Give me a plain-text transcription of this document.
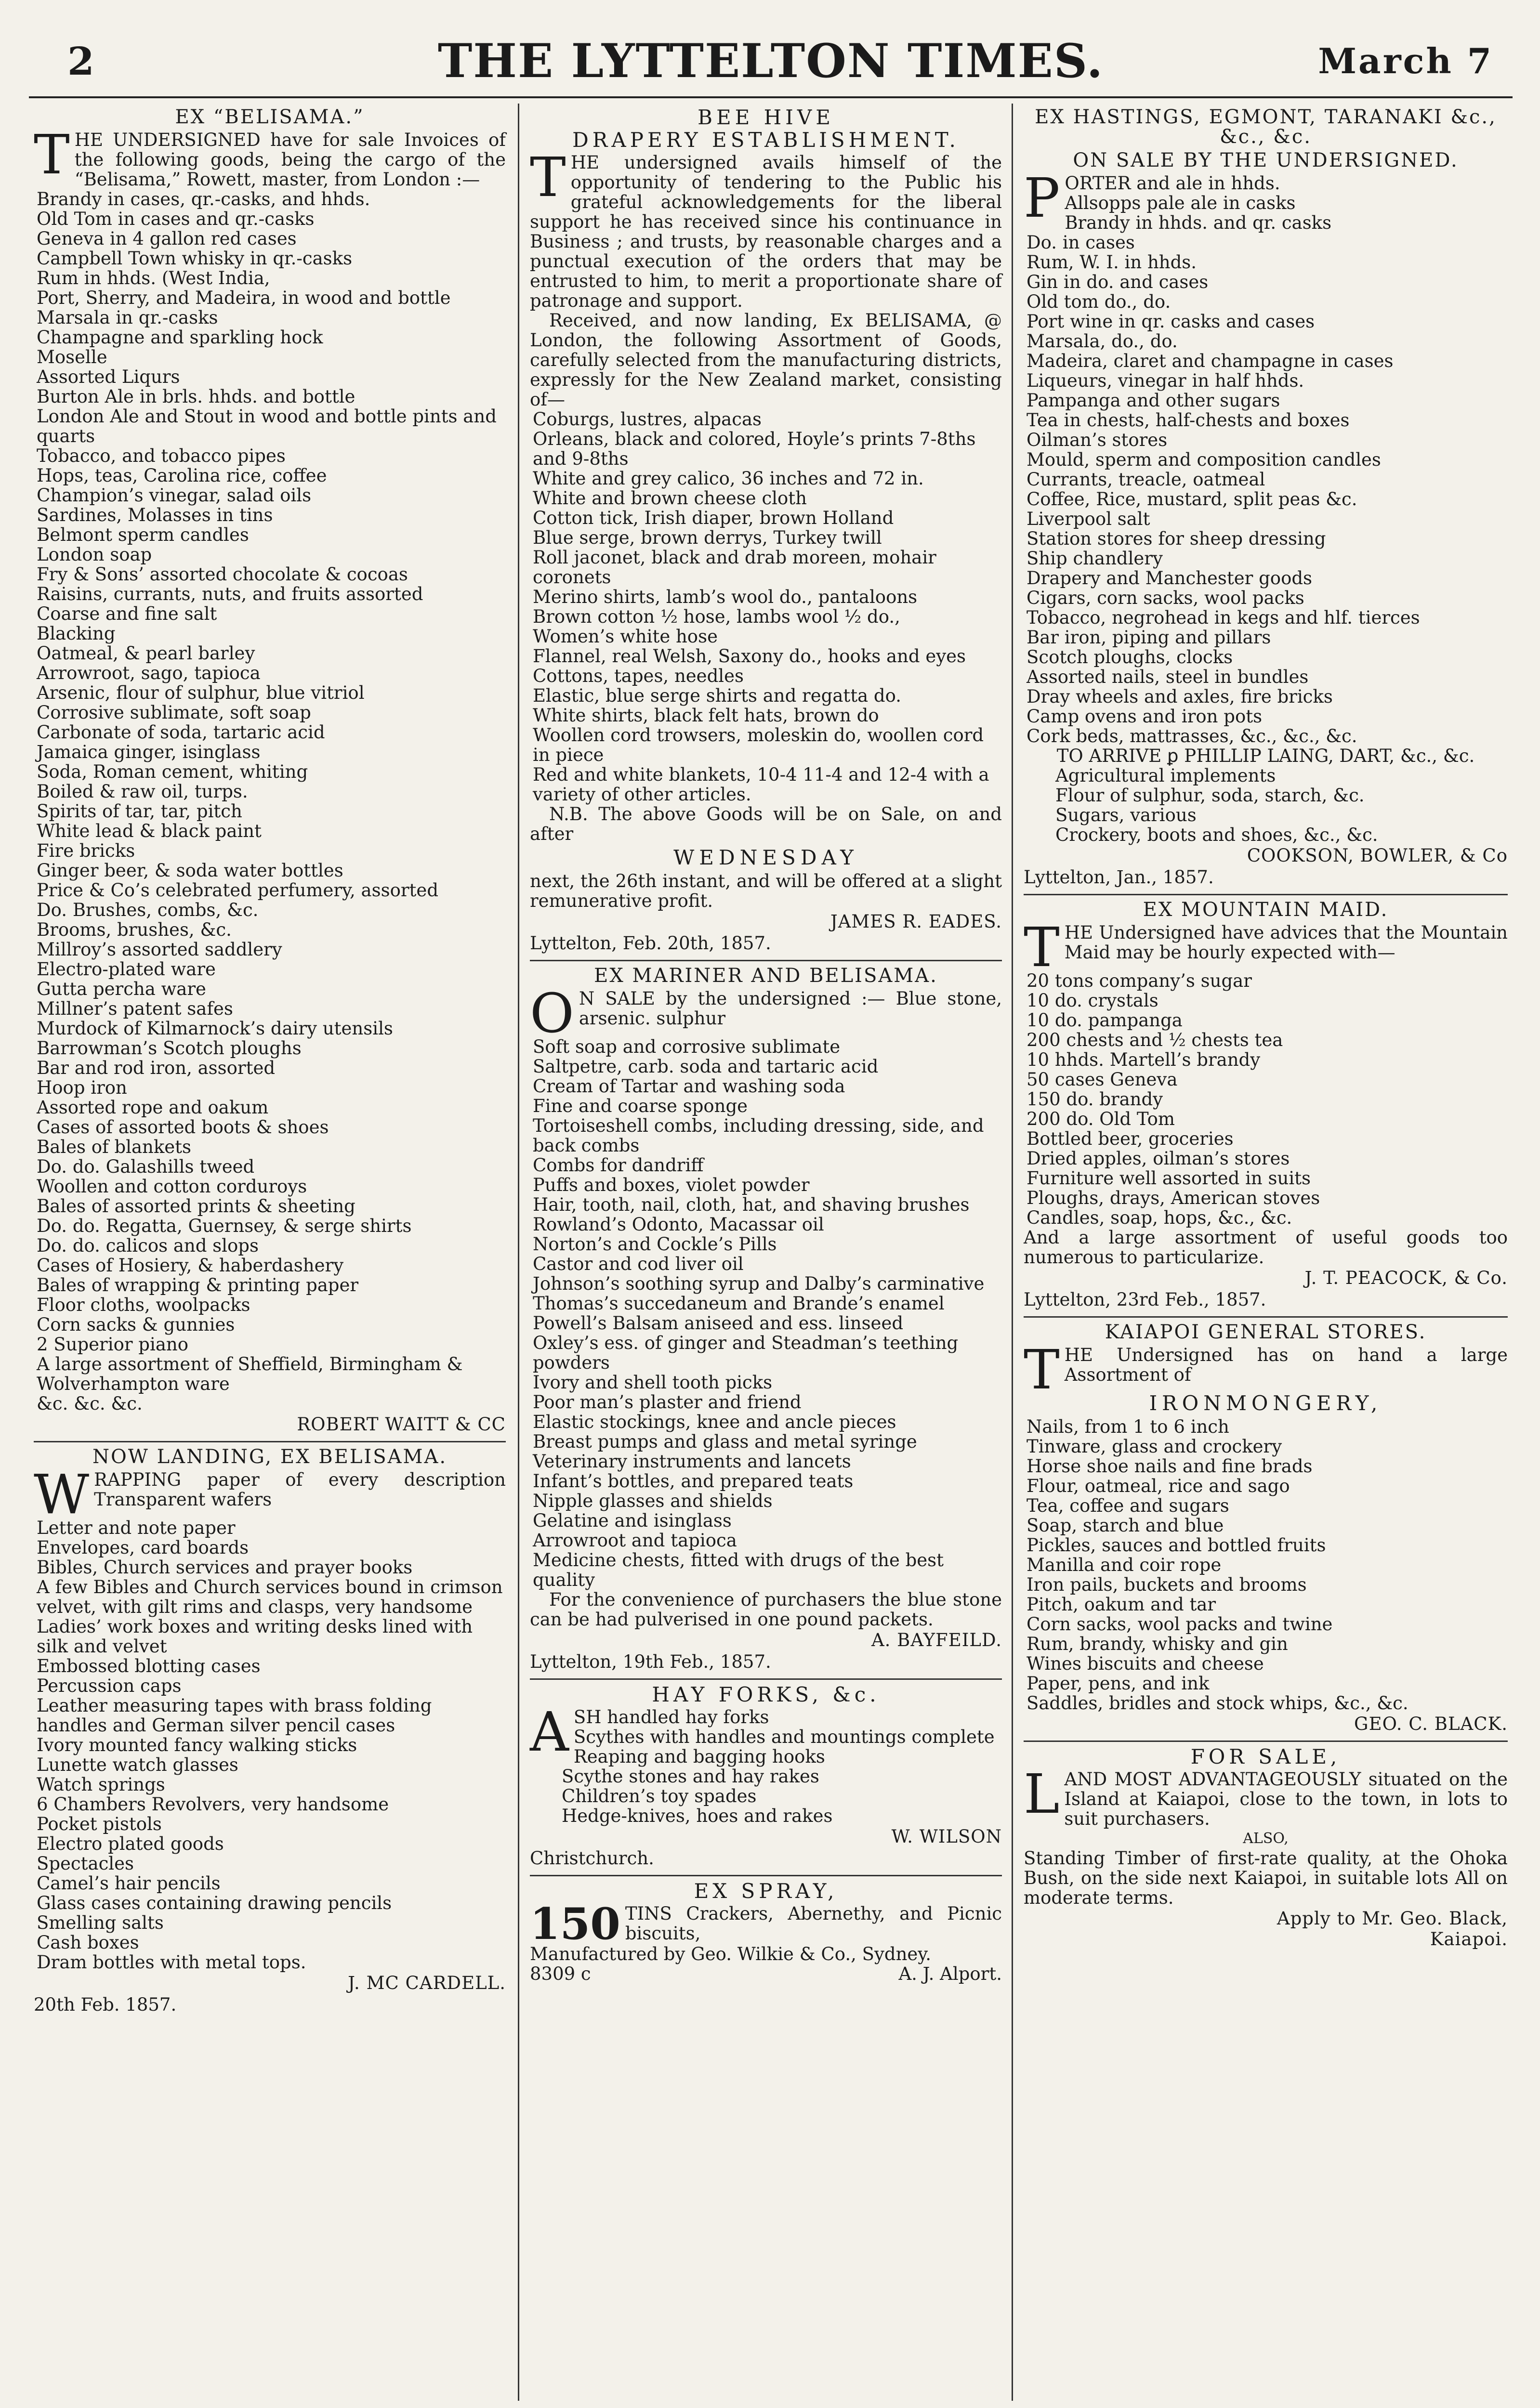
2	THE LYTTELTON TIMES.	March 7
EX “BELISAMA.”

THE UNDERSIGNED have for sale Invoices of the following goods, being the cargo of the “Belisama,” Rowett, master, from London :—

Brandy in cases, qr.-casks, and hhds.
Old Tom in cases and qr.-casks
Geneva in 4 gallon red cases
Campbell Town whisky in qr.-casks
Rum in hhds. (West India,
Port, Sherry, and Madeira, in wood and bottle
Marsala in qr.-casks
Champagne and sparkling hock
Moselle
Assorted Liqurs
Burton Ale in brls. hhds. and bottle
London Ale and Stout in wood and bottle pints and quarts
Tobacco, and tobacco pipes
Hops, teas, Carolina rice, coffee
Champion’s vinegar, salad oils
Sardines, Molasses in tins
Belmont sperm candles
London soap
Fry & Sons’ assorted chocolate & cocoas
Raisins, currants, nuts, and fruits assorted
Coarse and fine salt
Blacking
Oatmeal, & pearl barley
Arrowroot, sago, tapioca
Arsenic, flour of sulphur, blue vitriol
Corrosive sublimate, soft soap
Carbonate of soda, tartaric acid
Jamaica ginger, isinglass
Soda, Roman cement, whiting
Boiled & raw oil, turps.
Spirits of tar, tar, pitch
White lead & black paint
Fire bricks
Ginger beer, & soda water bottles
Price & Co’s celebrated perfumery, assorted
Do. Brushes, combs, &c.
Brooms, brushes, &c.
Millroy’s assorted saddlery
Electro-plated ware
Gutta percha ware
Millner’s patent safes
Murdock of Kilmarnock’s dairy utensils
Barrowman’s Scotch ploughs
Bar and rod iron, assorted
Hoop iron
Assorted rope and oakum
Cases of assorted boots & shoes
Bales of blankets
Do. do. Galashills tweed
Woollen and cotton corduroys
Bales of assorted prints & sheeting
Do. do. Regatta, Guernsey, & serge shirts
Do. do. calicos and slops
Cases of Hosiery, & haberdashery
Bales of wrapping & printing paper
Floor cloths, woolpacks
Corn sacks & gunnies
2 Superior piano
A large assortment of Sheffield, Birmingham & Wolverhampton ware
&c. &c. &c.
ROBERT WAITT & CC
NOW LANDING, EX BELISAMA.

WRAPPING paper of every description Transparent wafers

Letter and note paper
Envelopes, card boards
Bibles, Church services and prayer books
A few Bibles and Church services bound in crimson velvet, with gilt rims and clasps, very handsome
Ladies’ work boxes and writing desks lined with silk and velvet
Embossed blotting cases
Percussion caps
Leather measuring tapes with brass folding handles and German silver pencil cases
Ivory mounted fancy walking sticks
Lunette watch glasses
Watch springs
6 Chambers Revolvers, very handsome
Pocket pistols
Electro plated goods
Spectacles
Camel’s hair pencils
Glass cases containing drawing pencils
Smelling salts
Cash boxes
Dram bottles with metal tops.
J. MC CARDELL.
20th Feb. 1857.
BEE HIVE
DRAPERY ESTABLISHMENT.

THE undersigned avails himself of the opportunity of tendering to the Public his grateful acknowledgements for the liberal support he has received since his continuance in Business ; and trusts, by reasonable charges and a punctual execution of the orders that may be entrusted to him, to merit a proportionate share of patronage and support.

Received, and now landing, Ex BELISAMA, @ London, the following Assortment of Goods, carefully selected from the manufacturing districts, expressly for the New Zealand market, consisting of—

Coburgs, lustres, alpacas
Orleans, black and colored, Hoyle’s prints 7-8ths and 9-8ths
White and grey calico, 36 inches and 72 in.
White and brown cheese cloth
Cotton tick, Irish diaper, brown Holland
Blue serge, brown derrys, Turkey twill
Roll jaconet, black and drab moreen, mohair coronets
Merino shirts, lamb’s wool do., pantaloons
Brown cotton ½ hose, lambs wool ½ do.,
Women’s white hose
Flannel, real Welsh, Saxony do., hooks and eyes
Cottons, tapes, needles
Elastic, blue serge shirts and regatta do.
White shirts, black felt hats, brown do
Woollen cord trowsers, moleskin do, woollen cord in piece
Red and white blankets, 10-4 11-4 and 12-4 with a variety of other articles.

N.B. The above Goods will be on Sale, on and after

WEDNESDAY

next, the 26th instant, and will be offered at a slight remunerative profit.

JAMES R. EADES.
Lyttelton, Feb. 20th, 1857.
EX MARINER AND BELISAMA.

O N SALE by the undersigned :— Blue stone, arsenic. sulphur

Soft soap and corrosive sublimate
Saltpetre, carb. soda and tartaric acid
Cream of Tartar and washing soda
Fine and coarse sponge
Tortoiseshell combs, including dressing, side, and back combs
Combs for dandriff
Puffs and boxes, violet powder
Hair, tooth, nail, cloth, hat, and shaving brushes
Rowland’s Odonto, Macassar oil
Norton’s and Cockle’s Pills
Castor and cod liver oil
Johnson’s soothing syrup and Dalby’s carminative
Thomas’s succedaneum and Brande’s enamel
Powell’s Balsam aniseed and ess. linseed
Oxley’s ess. of ginger and Steadman’s teething powders
Ivory and shell tooth picks
Poor man’s plaster and friend
Elastic stockings, knee and ancle pieces
Breast pumps and glass and metal syringe
Veterinary instruments and lancets
Infant’s bottles, and prepared teats
Nipple glasses and shields
Gelatine and isinglass
Arrowroot and tapioca
Medicine chests, fitted with drugs of the best quality

For the convenience of purchasers the blue stone can be had pulverised in one pound packets.

A. BAYFEILD.
Lyttelton, 19th Feb., 1857.
HAY FORKS, &c.

ASH handled hay forks

Scythes with handles and mountings complete
Reaping and bagging hooks
Scythe stones and hay rakes
Children’s toy spades
Hedge-knives, hoes and rakes
W. WILSON
Christchurch.
EX SPRAY,

150 TINS Crackers, Abernethy, and Picnic biscuits,

Manufactured by Geo. Wilkie & Co., Sydney.
8309 c	A. J. Alport.
EX HASTINGS, EGMONT, TARANAKI &c., &c., &c.
ON SALE BY THE UNDERSIGNED.

PORTER and ale in hhds.

Allsopps pale ale in casks
Brandy in hhds. and qr. casks
Do. in cases
Rum, W. I. in hhds.
Gin in do. and cases
Old tom do., do.
Port wine in qr. casks and cases
Marsala, do., do.
Madeira, claret and champagne in cases
Liqueurs, vinegar in half hhds.
Pampanga and other sugars
Tea in chests, half-chests and boxes
Oilman’s stores
Mould, sperm and composition candles
Currants, treacle, oatmeal
Coffee, Rice, mustard, split peas &c.
Liverpool salt
Station stores for sheep dressing
Ship chandlery
Drapery and Manchester goods
Cigars, corn sacks, wool packs
Tobacco, negrohead in kegs and hlf. tierces
Bar iron, piping and pillars
Scotch ploughs, clocks
Assorted nails, steel in bundles
Dray wheels and axles, fire bricks
Camp ovens and iron pots
Cork beds, mattrasses, &c., &c., &c.
TO ARRIVE ꝑ PHILLIP LAING, DART, &c., &c.
Agricultural implements
Flour of sulphur, soda, starch, &c.
Sugars, various
Crockery, boots and shoes, &c., &c.
COOKSON, BOWLER, & Co
Lyttelton, Jan., 1857.
EX MOUNTAIN MAID.

THE Undersigned have advices that the Mountain Maid may be hourly expected with—

20 tons company’s sugar
10 do. crystals
10 do. pampanga
200 chests and ½ chests tea
10 hhds. Martell’s brandy
50 cases Geneva
150 do. brandy
200 do. Old Tom
Bottled beer, groceries
Dried apples, oilman’s stores
Furniture well assorted in suits
Ploughs, drays, American stoves
Candles, soap, hops, &c., &c.

And a large assortment of useful goods too numerous to particularize.

J. T. PEACOCK, & Co.
Lyttelton, 23rd Feb., 1857.
KAIAPOI GENERAL STORES.

THE Undersigned has on hand a large Assortment of

IRONMONGERY,
Nails, from 1 to 6 inch
Tinware, glass and crockery
Horse shoe nails and fine brads
Flour, oatmeal, rice and sago
Tea, coffee and sugars
Soap, starch and blue
Pickles, sauces and bottled fruits
Manilla and coir rope
Iron pails, buckets and brooms
Pitch, oakum and tar
Corn sacks, wool packs and twine
Rum, brandy, whisky and gin
Wines biscuits and cheese
Paper, pens, and ink
Saddles, bridles and stock whips, &c., &c.
GEO. C. BLACK.
FOR SALE,

LAND MOST ADVANTAGEOUSLY situated on the Island at Kaiapoi, close to the town, in lots to suit purchasers.

ALSO,

Standing Timber of first-rate quality, at the Ohoka Bush, on the side next Kaiapoi, in suitable lots All on moderate terms.

Apply to Mr. Geo. Black,
Kaiapoi.
